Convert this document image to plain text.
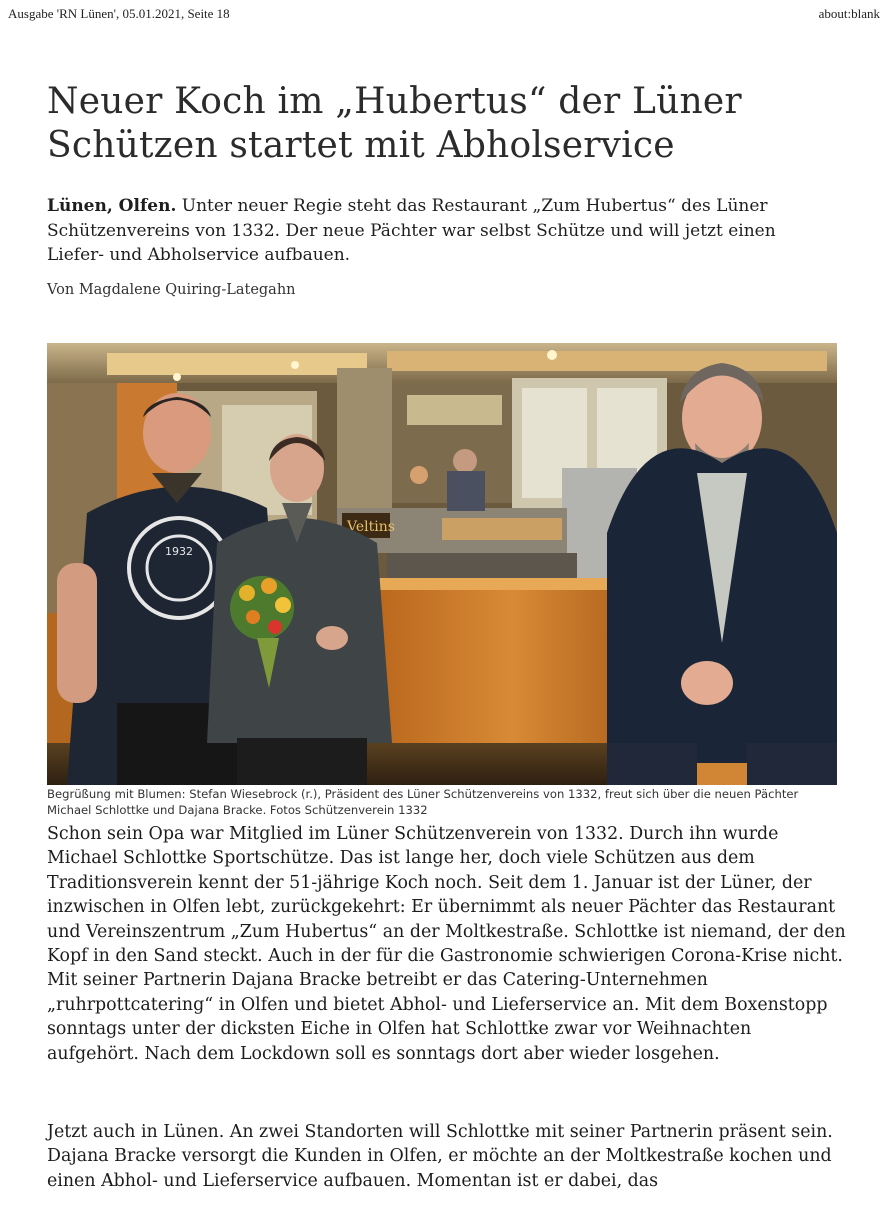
Ausgabe 'RN Lünen', 05.01.2021, Seite 18	about:blank
Neuer Koch im „Hubertus“ der Lüner Schützen startet mit Abholservice

Lünen, Olfen. Unter neuer Regie steht das Restaurant „Zum Hubertus“ des Lüner Schützenvereins von 1332. Der neue Pächter war selbst Schütze und will jetzt einen Liefer- und Abholservice aufbauen.

Von Magdalene Quiring-Lategahn

Veltins
1932

Begrüßung mit Blumen: Stefan Wiesebrock (r.), Präsident des Lüner Schützenvereins von 1332, freut sich über die neuen Pächter Michael Schlottke und Dajana Bracke. Fotos Schützenverein 1332

Schon sein Opa war Mitglied im Lüner Schützenverein von 1332. Durch ihn wurde Michael Schlottke Sportschütze. Das ist lange her, doch viele Schützen aus dem Traditionsverein kennt der 51-jährige Koch noch. Seit dem 1. Januar ist der Lüner, der inzwischen in Olfen lebt, zurückgekehrt: Er übernimmt als neuer Pächter das Restaurant und Vereinszentrum „Zum Hubertus“ an der Moltkestraße. Schlottke ist niemand, der den Kopf in den Sand steckt. Auch in der für die Gastronomie schwierigen Corona-Krise nicht. Mit seiner Partnerin Dajana Bracke betreibt er das Catering-Unternehmen „ruhrpottcatering“ in Olfen und bietet Abhol- und Lieferservice an. Mit dem Boxenstopp sonntags unter der dicksten Eiche in Olfen hat Schlottke zwar vor Weihnachten aufgehört. Nach dem Lockdown soll es sonntags dort aber wieder losgehen.

Jetzt auch in Lünen. An zwei Standorten will Schlottke mit seiner Partnerin präsent sein. Dajana Bracke versorgt die Kunden in Olfen, er möchte an der Moltkestraße kochen und einen Abhol- und Lieferservice aufbauen. Momentan ist er dabei, das
